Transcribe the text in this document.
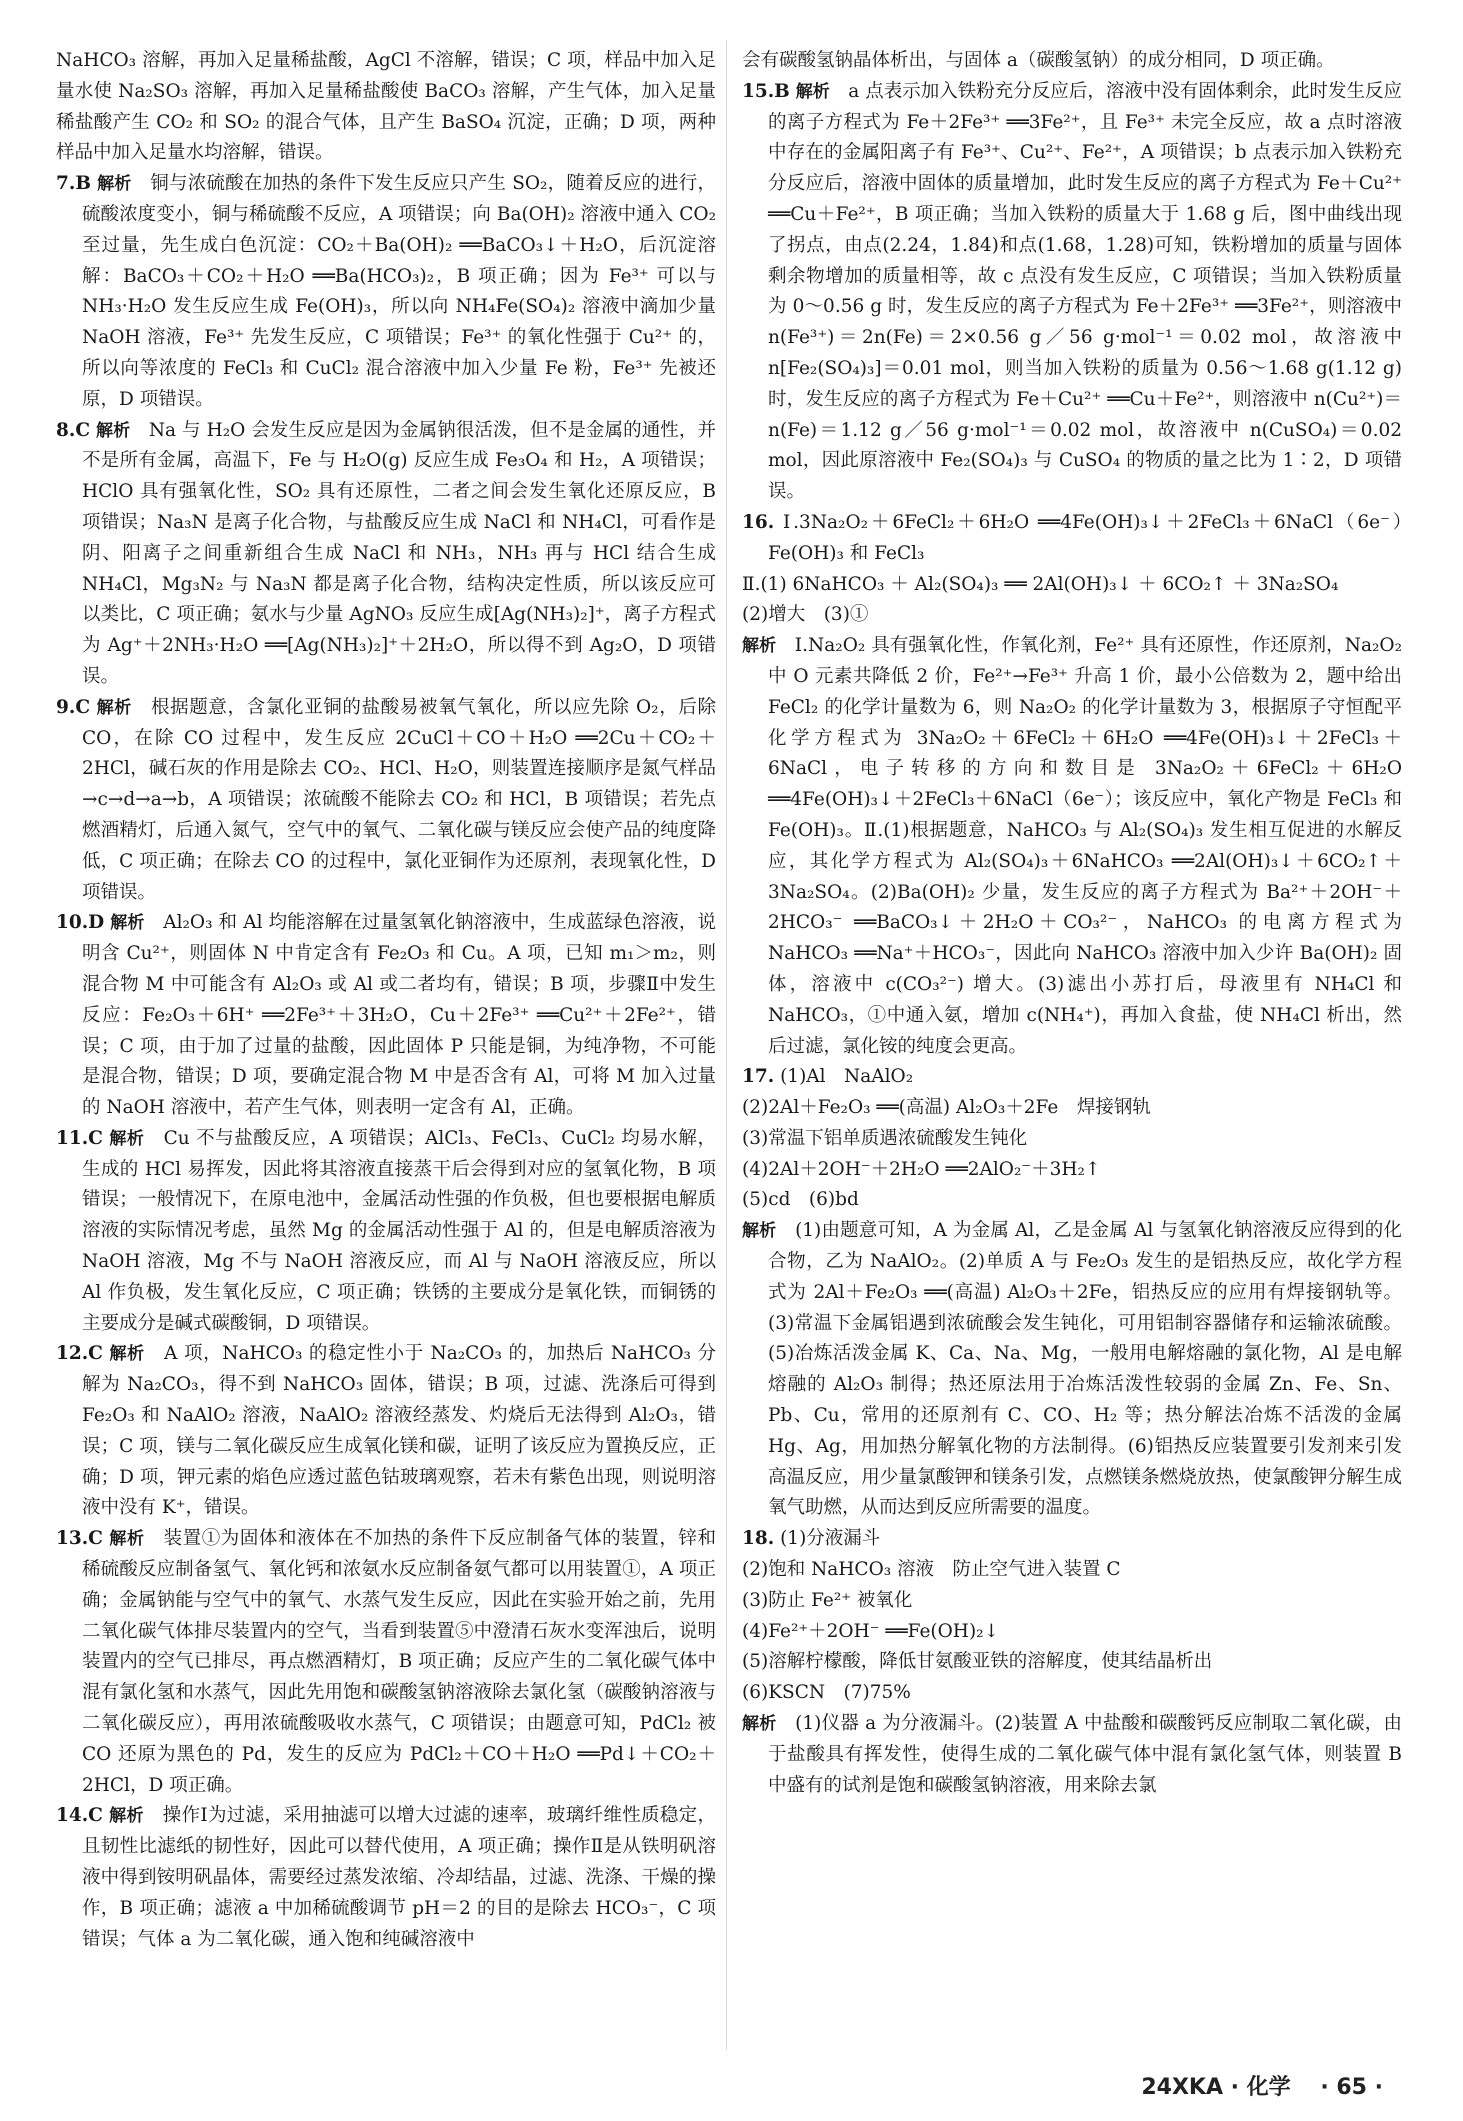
NaHCO₃ 溶解，再加入足量稀盐酸，AgCl 不溶解，错误；C 项，样品中加入足量水使 Na₂SO₃ 溶解，再加入足量稀盐酸使 BaCO₃ 溶解，产生气体，加入足量稀盐酸产生 CO₂ 和 SO₂ 的混合气体，且产生 BaSO₄ 沉淀，正确；D 项，两种样品中加入足量水均溶解，错误。

7.B 解析　 铜与浓硫酸在加热的条件下发生反应只产生 SO₂，随着反应的进行，硫酸浓度变小，铜与稀硫酸不反应，A 项错误；向 Ba(OH)₂ 溶液中通入 CO₂ 至过量，先生成白色沉淀：CO₂＋Ba(OH)₂ ══BaCO₃↓＋H₂O，后沉淀溶解：BaCO₃＋CO₂＋H₂O ══Ba(HCO₃)₂，B 项正确；因为 Fe³⁺ 可以与 NH₃·H₂O 发生反应生成 Fe(OH)₃，所以向 NH₄Fe(SO₄)₂ 溶液中滴加少量 NaOH 溶液，Fe³⁺ 先发生反应，C 项错误；Fe³⁺ 的氧化性强于 Cu²⁺ 的，所以向等浓度的 FeCl₃ 和 CuCl₂ 混合溶液中加入少量 Fe 粉，Fe³⁺ 先被还原，D 项错误。

8.C 解析　 Na 与 H₂O 会发生反应是因为金属钠很活泼，但不是金属的通性，并不是所有金属，高温下，Fe 与 H₂O(g) 反应生成 Fe₃O₄ 和 H₂，A 项错误；HClO 具有强氧化性，SO₂ 具有还原性，二者之间会发生氧化还原反应，B 项错误；Na₃N 是离子化合物，与盐酸反应生成 NaCl 和 NH₄Cl，可看作是阴、阳离子之间重新组合生成 NaCl 和 NH₃，NH₃ 再与 HCl 结合生成 NH₄Cl，Mg₃N₂ 与 Na₃N 都是离子化合物，结构决定性质，所以该反应可以类比，C 项正确；氨水与少量 AgNO₃ 反应生成[Ag(NH₃)₂]⁺，离子方程式为 Ag⁺＋2NH₃·H₂O ══[Ag(NH₃)₂]⁺＋2H₂O，所以得不到 Ag₂O，D 项错误。

9.C 解析　 根据题意，含氯化亚铜的盐酸易被氧气氧化，所以应先除 O₂，后除 CO，在除 CO 过程中，发生反应 2CuCl＋CO＋H₂O ══2Cu＋CO₂＋2HCl，碱石灰的作用是除去 CO₂、HCl、H₂O，则装置连接顺序是氮气样品→c→d→a→b，A 项错误；浓硫酸不能除去 CO₂ 和 HCl，B 项错误；若先点燃酒精灯，后通入氮气，空气中的氧气、二氧化碳与镁反应会使产品的纯度降低，C 项正确；在除去 CO 的过程中，氯化亚铜作为还原剂，表现氧化性，D 项错误。

10.D 解析　 Al₂O₃ 和 Al 均能溶解在过量氢氧化钠溶液中，生成蓝绿色溶液，说明含 Cu²⁺，则固体 N 中肯定含有 Fe₂O₃ 和 Cu。A 项，已知 m₁＞m₂，则混合物 M 中可能含有 Al₂O₃ 或 Al 或二者均有，错误；B 项，步骤Ⅱ中发生反应：Fe₂O₃＋6H⁺ ══2Fe³⁺＋3H₂O，Cu＋2Fe³⁺ ══Cu²⁺＋2Fe²⁺，错误；C 项，由于加了过量的盐酸，因此固体 P 只能是铜，为纯净物，不可能是混合物，错误；D 项，要确定混合物 M 中是否含有 Al，可将 M 加入过量的 NaOH 溶液中，若产生气体，则表明一定含有 Al，正确。

11.C 解析　 Cu 不与盐酸反应，A 项错误；AlCl₃、FeCl₃、CuCl₂ 均易水解，生成的 HCl 易挥发，因此将其溶液直接蒸干后会得到对应的氢氧化物，B 项错误；一般情况下，在原电池中，金属活动性强的作负极，但也要根据电解质溶液的实际情况考虑，虽然 Mg 的金属活动性强于 Al 的，但是电解质溶液为 NaOH 溶液，Mg 不与 NaOH 溶液反应，而 Al 与 NaOH 溶液反应，所以 Al 作负极，发生氧化反应，C 项正确；铁锈的主要成分是氧化铁，而铜锈的主要成分是碱式碳酸铜，D 项错误。

12.C 解析　 A 项，NaHCO₃ 的稳定性小于 Na₂CO₃ 的，加热后 NaHCO₃ 分解为 Na₂CO₃，得不到 NaHCO₃ 固体，错误；B 项，过滤、洗涤后可得到 Fe₂O₃ 和 NaAlO₂ 溶液，NaAlO₂ 溶液经蒸发、灼烧后无法得到 Al₂O₃，错误；C 项，镁与二氧化碳反应生成氧化镁和碳，证明了该反应为置换反应，正确；D 项，钾元素的焰色应透过蓝色钴玻璃观察，若未有紫色出现，则说明溶液中没有 K⁺，错误。

13.C 解析　 装置①为固体和液体在不加热的条件下反应制备气体的装置，锌和稀硫酸反应制备氢气、氧化钙和浓氨水反应制备氨气都可以用装置①，A 项正确；金属钠能与空气中的氧气、水蒸气发生反应，因此在实验开始之前，先用二氧化碳气体排尽装置内的空气，当看到装置⑤中澄清石灰水变浑浊后，说明装置内的空气已排尽，再点燃酒精灯，B 项正确；反应产生的二氧化碳气体中混有氯化氢和水蒸气，因此先用饱和碳酸氢钠溶液除去氯化氢（碳酸钠溶液与二氧化碳反应），再用浓硫酸吸收水蒸气，C 项错误；由题意可知，PdCl₂ 被 CO 还原为黑色的 Pd，发生的反应为 PdCl₂＋CO＋H₂O ══Pd↓＋CO₂＋2HCl，D 项正确。

14.C 解析　 操作Ⅰ为过滤，采用抽滤可以增大过滤的速率，玻璃纤维性质稳定，且韧性比滤纸的韧性好，因此可以替代使用，A 项正确；操作Ⅱ是从铁明矾溶液中得到铵明矾晶体，需要经过蒸发浓缩、冷却结晶，过滤、洗涤、干燥的操作，B 项正确；滤液 a 中加稀硫酸调节 pH＝2 的目的是除去 HCO₃⁻，C 项错误；气体 a 为二氧化碳，通入饱和纯碱溶液中

会有碳酸氢钠晶体析出，与固体 a（碳酸氢钠）的成分相同，D 项正确。

15.B 解析　 a 点表示加入铁粉充分反应后，溶液中没有固体剩余，此时发生反应的离子方程式为 Fe＋2Fe³⁺ ══3Fe²⁺，且 Fe³⁺ 未完全反应，故 a 点时溶液中存在的金属阳离子有 Fe³⁺、Cu²⁺、Fe²⁺，A 项错误；b 点表示加入铁粉充分反应后，溶液中固体的质量增加，此时发生反应的离子方程式为 Fe＋Cu²⁺ ══Cu＋Fe²⁺，B 项正确；当加入铁粉的质量大于 1.68 g 后，图中曲线出现了拐点，由点(2.24，1.84)和点(1.68，1.28)可知，铁粉增加的质量与固体剩余物增加的质量相等，故 c 点没有发生反应，C 项错误；当加入铁粉质量为 0～0.56 g 时，发生反应的离子方程式为 Fe＋2Fe³⁺ ══3Fe²⁺，则溶液中 n(Fe³⁺)＝2n(Fe)＝2×0.56 g／56 g·mol⁻¹＝0.02 mol，故溶液中 n[Fe₂(SO₄)₃]＝0.01 mol，则当加入铁粉的质量为 0.56～1.68 g(1.12 g) 时，发生反应的离子方程式为 Fe＋Cu²⁺ ══Cu＋Fe²⁺，则溶液中 n(Cu²⁺)＝n(Fe)＝1.12 g／56 g·mol⁻¹＝0.02 mol，故溶液中 n(CuSO₄)＝0.02 mol，因此原溶液中 Fe₂(SO₄)₃ 与 CuSO₄ 的物质的量之比为 1∶2，D 项错误。

16. Ⅰ.3Na₂O₂＋6FeCl₂＋6H₂O ══4Fe(OH)₃↓＋2FeCl₃＋6NaCl（6e⁻）　Fe(OH)₃ 和 FeCl₃

Ⅱ.(1) 6NaHCO₃ ＋ Al₂(SO₄)₃ ══ 2Al(OH)₃↓ ＋ 6CO₂↑ ＋ 3Na₂SO₄

(2)增大　(3)①

解析　 Ⅰ.Na₂O₂ 具有强氧化性，作氧化剂，Fe²⁺ 具有还原性，作还原剂，Na₂O₂ 中 O 元素共降低 2 价，Fe²⁺→Fe³⁺ 升高 1 价，最小公倍数为 2，题中给出 FeCl₂ 的化学计量数为 6，则 Na₂O₂ 的化学计量数为 3，根据原子守恒配平化学方程式为 3Na₂O₂＋6FeCl₂＋6H₂O ══4Fe(OH)₃↓＋2FeCl₃＋6NaCl，电子转移的方向和数目是 3Na₂O₂＋6FeCl₂＋6H₂O ══4Fe(OH)₃↓＋2FeCl₃＋6NaCl（6e⁻）；该反应中，氧化产物是 FeCl₃ 和 Fe(OH)₃。Ⅱ.(1)根据题意，NaHCO₃ 与 Al₂(SO₄)₃ 发生相互促进的水解反应，其化学方程式为 Al₂(SO₄)₃＋6NaHCO₃ ══2Al(OH)₃↓＋6CO₂↑＋3Na₂SO₄。(2)Ba(OH)₂ 少量，发生反应的离子方程式为 Ba²⁺＋2OH⁻＋2HCO₃⁻ ══BaCO₃↓＋2H₂O＋CO₃²⁻，NaHCO₃ 的电离方程式为 NaHCO₃ ══Na⁺＋HCO₃⁻，因此向 NaHCO₃ 溶液中加入少许 Ba(OH)₂ 固体，溶液中 c(CO₃²⁻) 增大。(3)滤出小苏打后，母液里有 NH₄Cl 和 NaHCO₃，①中通入氨，增加 c(NH₄⁺)，再加入食盐，使 NH₄Cl 析出，然后过滤，氯化铵的纯度会更高。

17. (1)Al　NaAlO₂

(2)2Al＋Fe₂O₃ ══(高温) Al₂O₃＋2Fe　焊接钢轨

(3)常温下铝单质遇浓硫酸发生钝化

(4)2Al＋2OH⁻＋2H₂O ══2AlO₂⁻＋3H₂↑

(5)cd　(6)bd

解析　 (1)由题意可知，A 为金属 Al，乙是金属 Al 与氢氧化钠溶液反应得到的化合物，乙为 NaAlO₂。(2)单质 A 与 Fe₂O₃ 发生的是铝热反应，故化学方程式为 2Al＋Fe₂O₃ ══(高温) Al₂O₃＋2Fe，铝热反应的应用有焊接钢轨等。(3)常温下金属铝遇到浓硫酸会发生钝化，可用铝制容器储存和运输浓硫酸。(5)冶炼活泼金属 K、Ca、Na、Mg，一般用电解熔融的氯化物，Al 是电解熔融的 Al₂O₃ 制得；热还原法用于冶炼活泼性较弱的金属 Zn、Fe、Sn、Pb、Cu，常用的还原剂有 C、CO、H₂ 等；热分解法冶炼不活泼的金属 Hg、Ag，用加热分解氧化物的方法制得。(6)铝热反应装置要引发剂来引发高温反应，用少量氯酸钾和镁条引发，点燃镁条燃烧放热，使氯酸钾分解生成氧气助燃，从而达到反应所需要的温度。

18. (1)分液漏斗

(2)饱和 NaHCO₃ 溶液　防止空气进入装置 C

(3)防止 Fe²⁺ 被氧化

(4)Fe²⁺＋2OH⁻ ══Fe(OH)₂↓

(5)溶解柠檬酸，降低甘氨酸亚铁的溶解度，使其结晶析出

(6)KSCN　(7)75%

解析　 (1)仪器 a 为分液漏斗。(2)装置 A 中盐酸和碳酸钙反应制取二氧化碳，由于盐酸具有挥发性，使得生成的二氧化碳气体中混有氯化氢气体，则装置 B 中盛有的试剂是饱和碳酸氢钠溶液，用来除去氯

24XKA · 化学 · 65 ·
